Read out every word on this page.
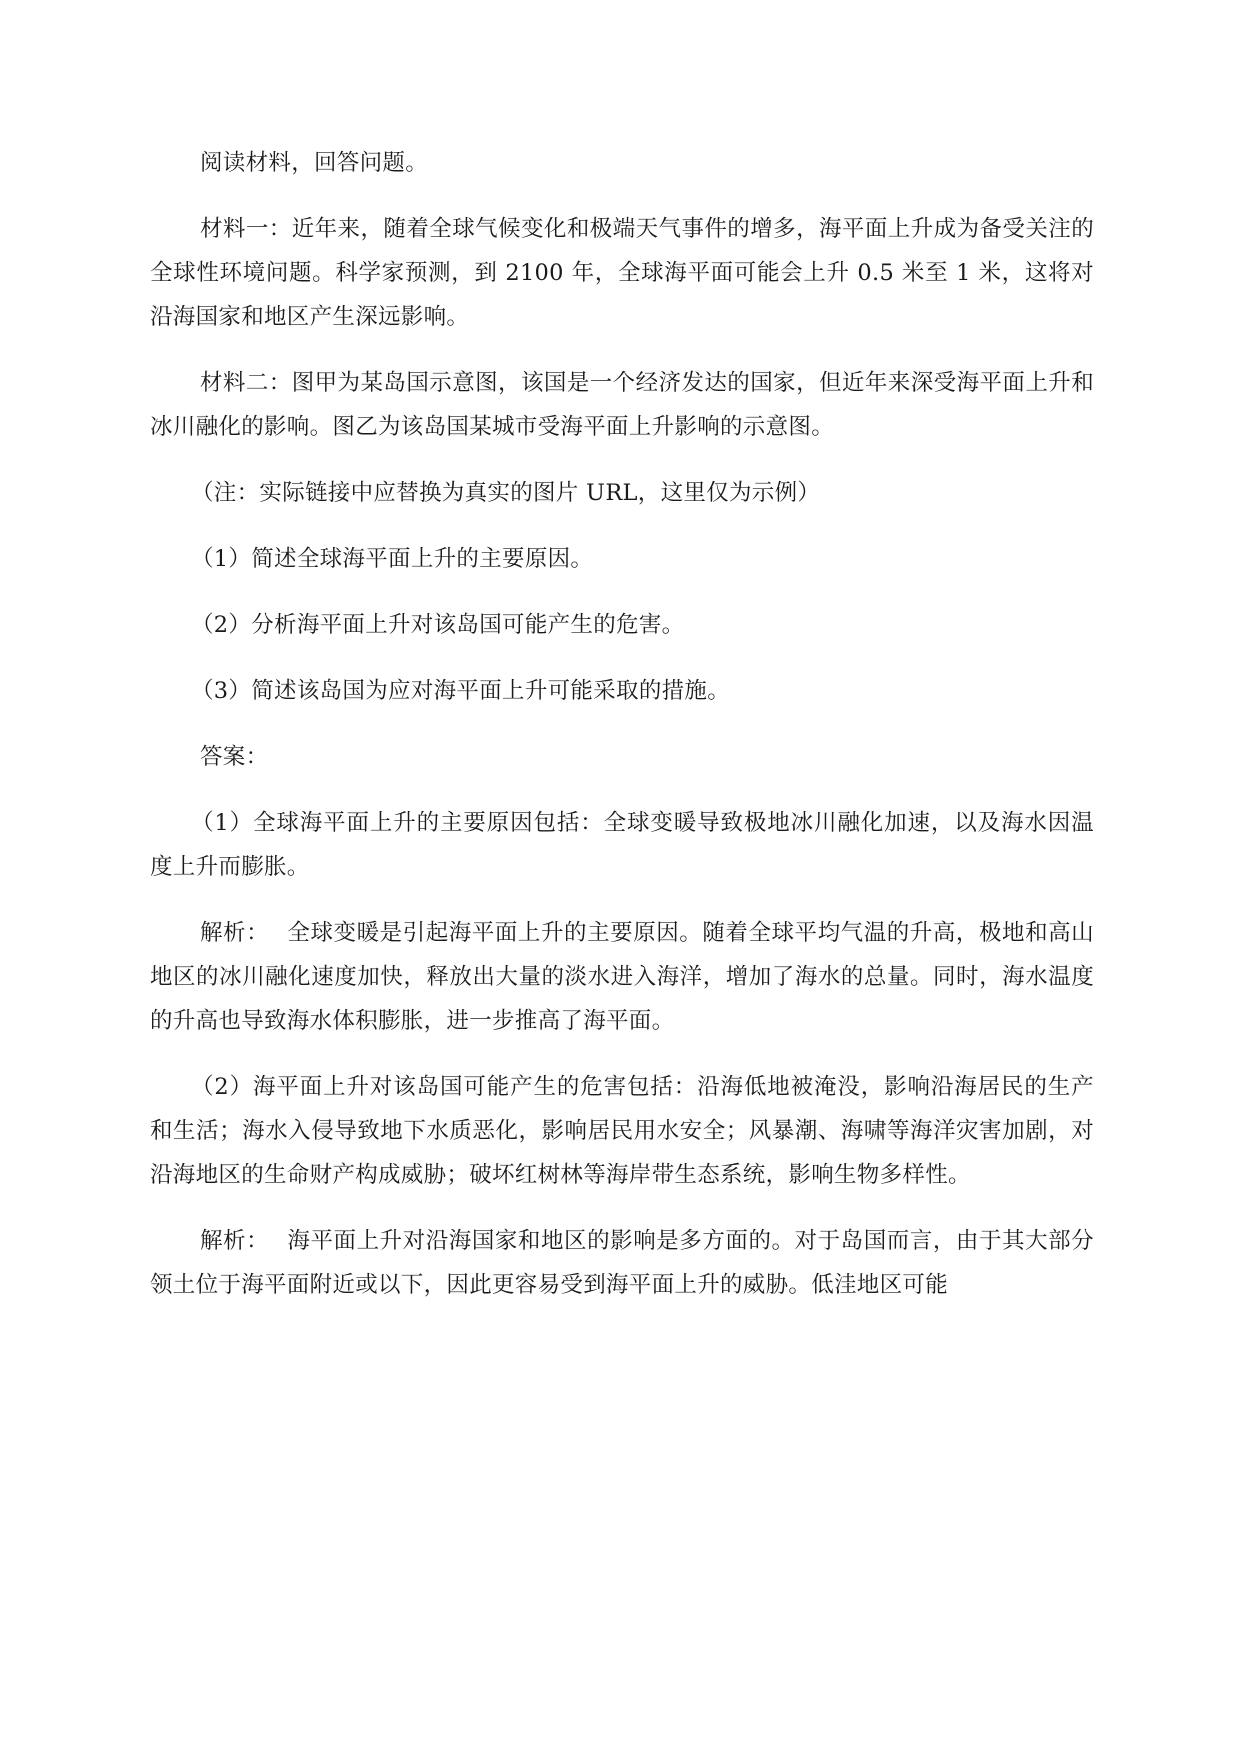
阅读材料，回答问题。

材料一：近年来，随着全球气候变化和极端天气事件的增多，海平面上升成为备受关注的全球性环境问题。科学家预测，到 2100 年，全球海平面可能会上升 0.5 米至 1 米，这将对沿海国家和地区产生深远影响。

材料二：图甲为某岛国示意图，该国是一个经济发达的国家，但近年来深受海平面上升和冰川融化的影响。图乙为该岛国某城市受海平面上升影响的示意图。

（注：实际链接中应替换为真实的图片 URL，这里仅为示例）

（1）简述全球海平面上升的主要原因。

（2）分析海平面上升对该岛国可能产生的危害。

（3）简述该岛国为应对海平面上升可能采取的措施。

答案：

（1）全球海平面上升的主要原因包括：全球变暖导致极地冰川融化加速，以及海水因温度上升而膨胀。

解析： 全球变暖是引起海平面上升的主要原因。随着全球平均气温的升高，极地和高山地区的冰川融化速度加快，释放出大量的淡水进入海洋，增加了海水的总量。同时，海水温度的升高也导致海水体积膨胀，进一步推高了海平面。

（2）海平面上升对该岛国可能产生的危害包括：沿海低地被淹没，影响沿海居民的生产和生活；海水入侵导致地下水质恶化，影响居民用水安全；风暴潮、海啸等海洋灾害加剧，对沿海地区的生命财产构成威胁；破坏红树林等海岸带生态系统，影响生物多样性。

解析： 海平面上升对沿海国家和地区的影响是多方面的。对于岛国而言，由于其大部分领土位于海平面附近或以下，因此更容易受到海平面上升的威胁。低洼地区可能
